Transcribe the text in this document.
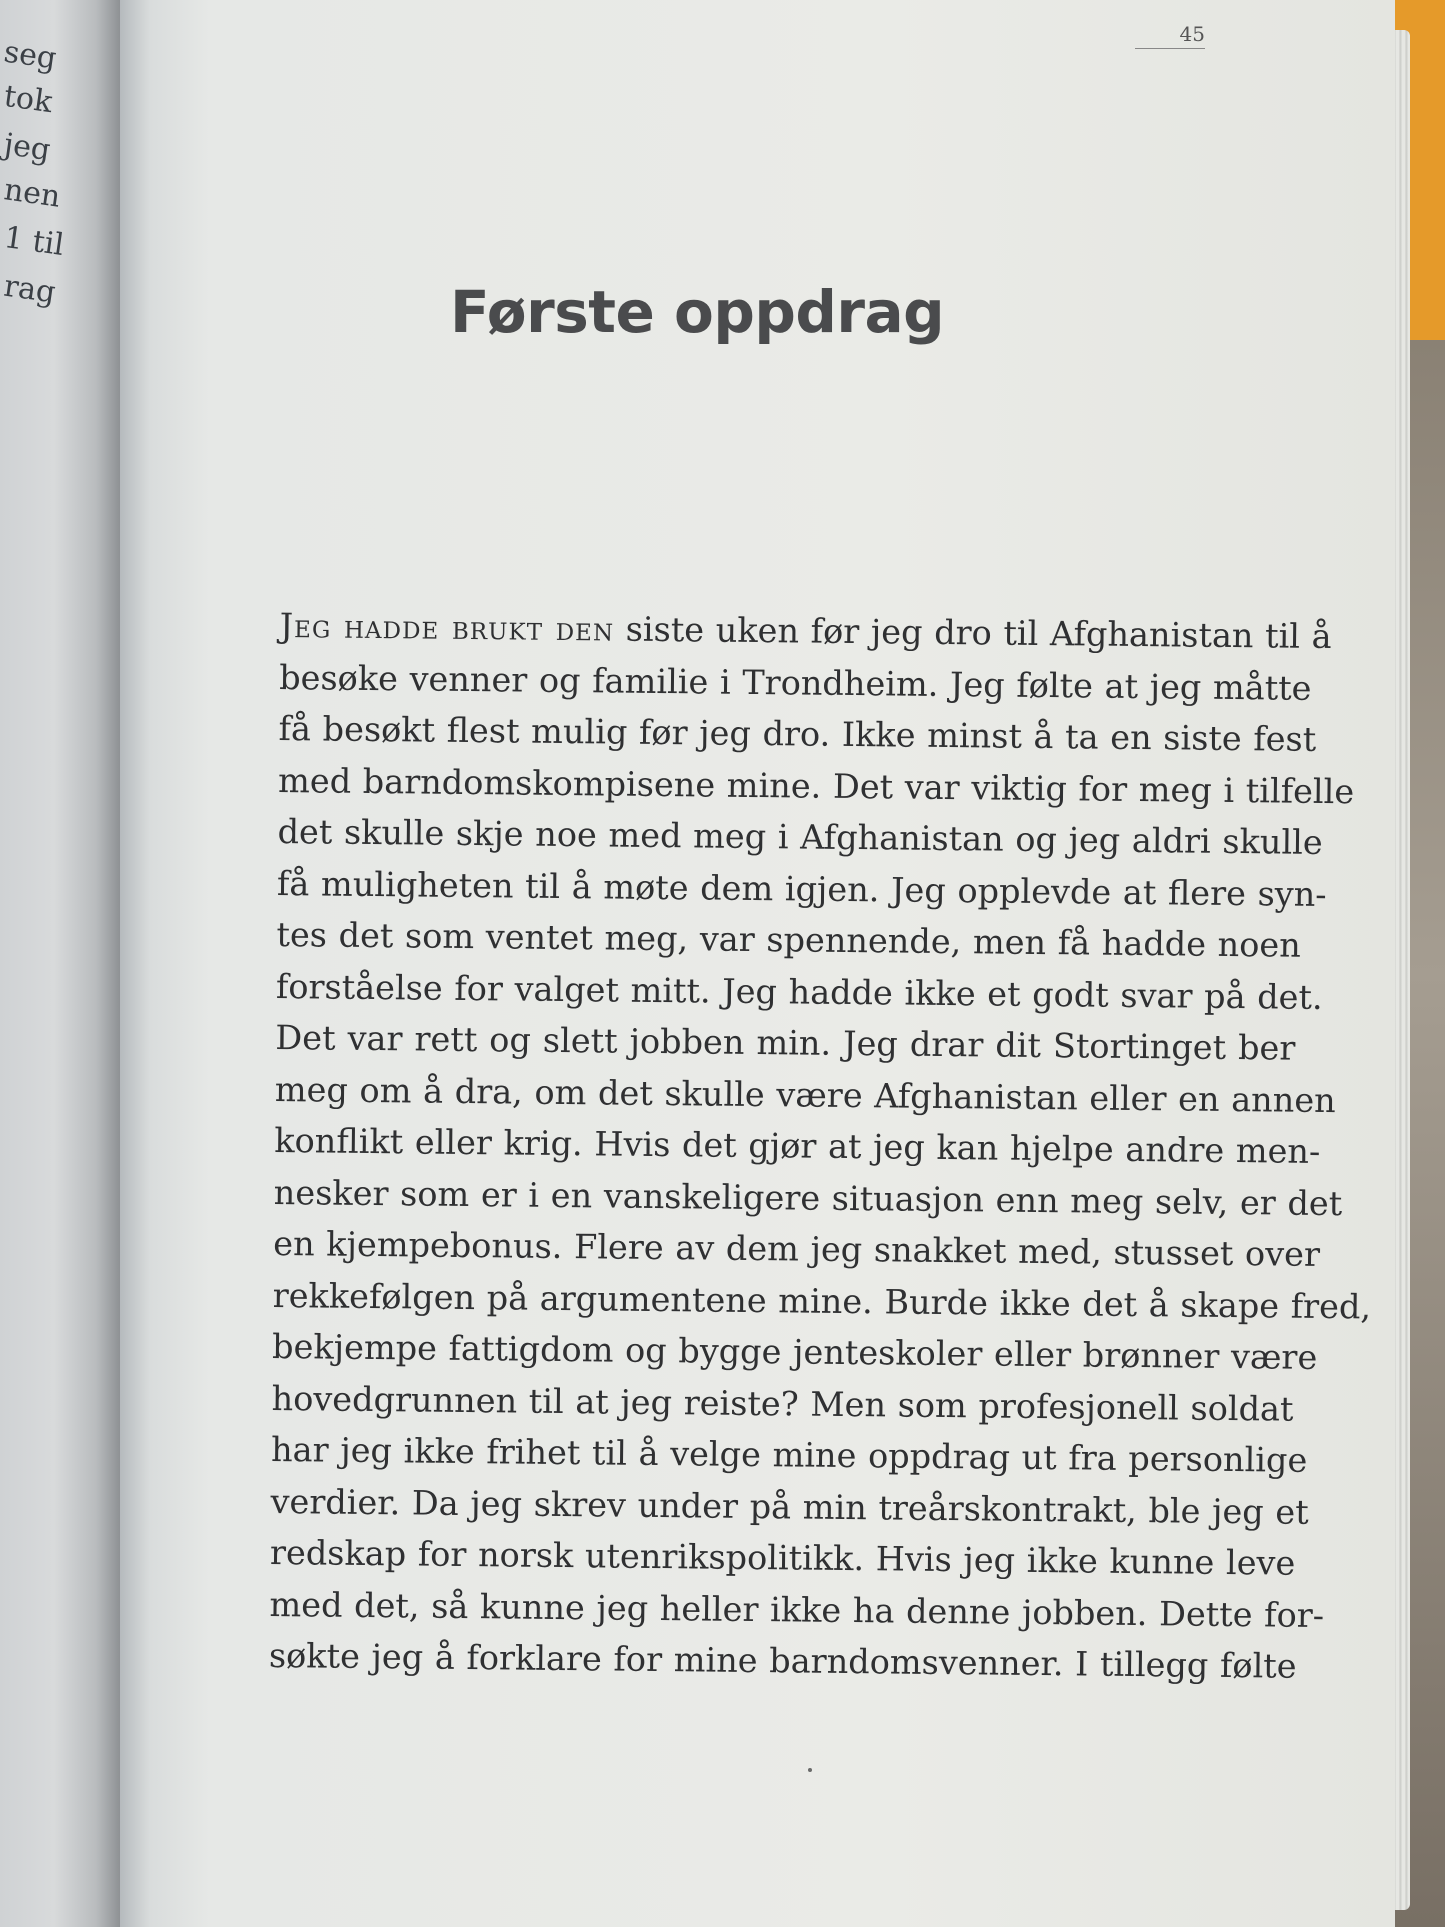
seg
tok
jeg
nen
1 til
rag
45
Første oppdrag
Jeg hadde brukt den siste uken før jeg dro til Afghanistan til å
besøke venner og familie i Trondheim. Jeg følte at jeg måtte
få besøkt flest mulig før jeg dro. Ikke minst å ta en siste fest
med barndomskompisene mine. Det var viktig for meg i tilfelle
det skulle skje noe med meg i Afghanistan og jeg aldri skulle
få muligheten til å møte dem igjen. Jeg opplevde at flere syn-
tes det som ventet meg, var spennende, men få hadde noen
forståelse for valget mitt. Jeg hadde ikke et godt svar på det.
Det var rett og slett jobben min. Jeg drar dit Stortinget ber
meg om å dra, om det skulle være Afghanistan eller en annen
konflikt eller krig. Hvis det gjør at jeg kan hjelpe andre men-
nesker som er i en vanskeligere situasjon enn meg selv, er det
en kjempebonus. Flere av dem jeg snakket med, stusset over
rekkefølgen på argumentene mine. Burde ikke det å skape fred,
bekjempe fattigdom og bygge jenteskoler eller brønner være
hovedgrunnen til at jeg reiste? Men som profesjonell soldat
har jeg ikke frihet til å velge mine oppdrag ut fra personlige
verdier. Da jeg skrev under på min treårskontrakt, ble jeg et
redskap for norsk utenrikspolitikk. Hvis jeg ikke kunne leve
med det, så kunne jeg heller ikke ha denne jobben. Dette for-
søkte jeg å forklare for mine barndomsvenner. I tillegg følte
